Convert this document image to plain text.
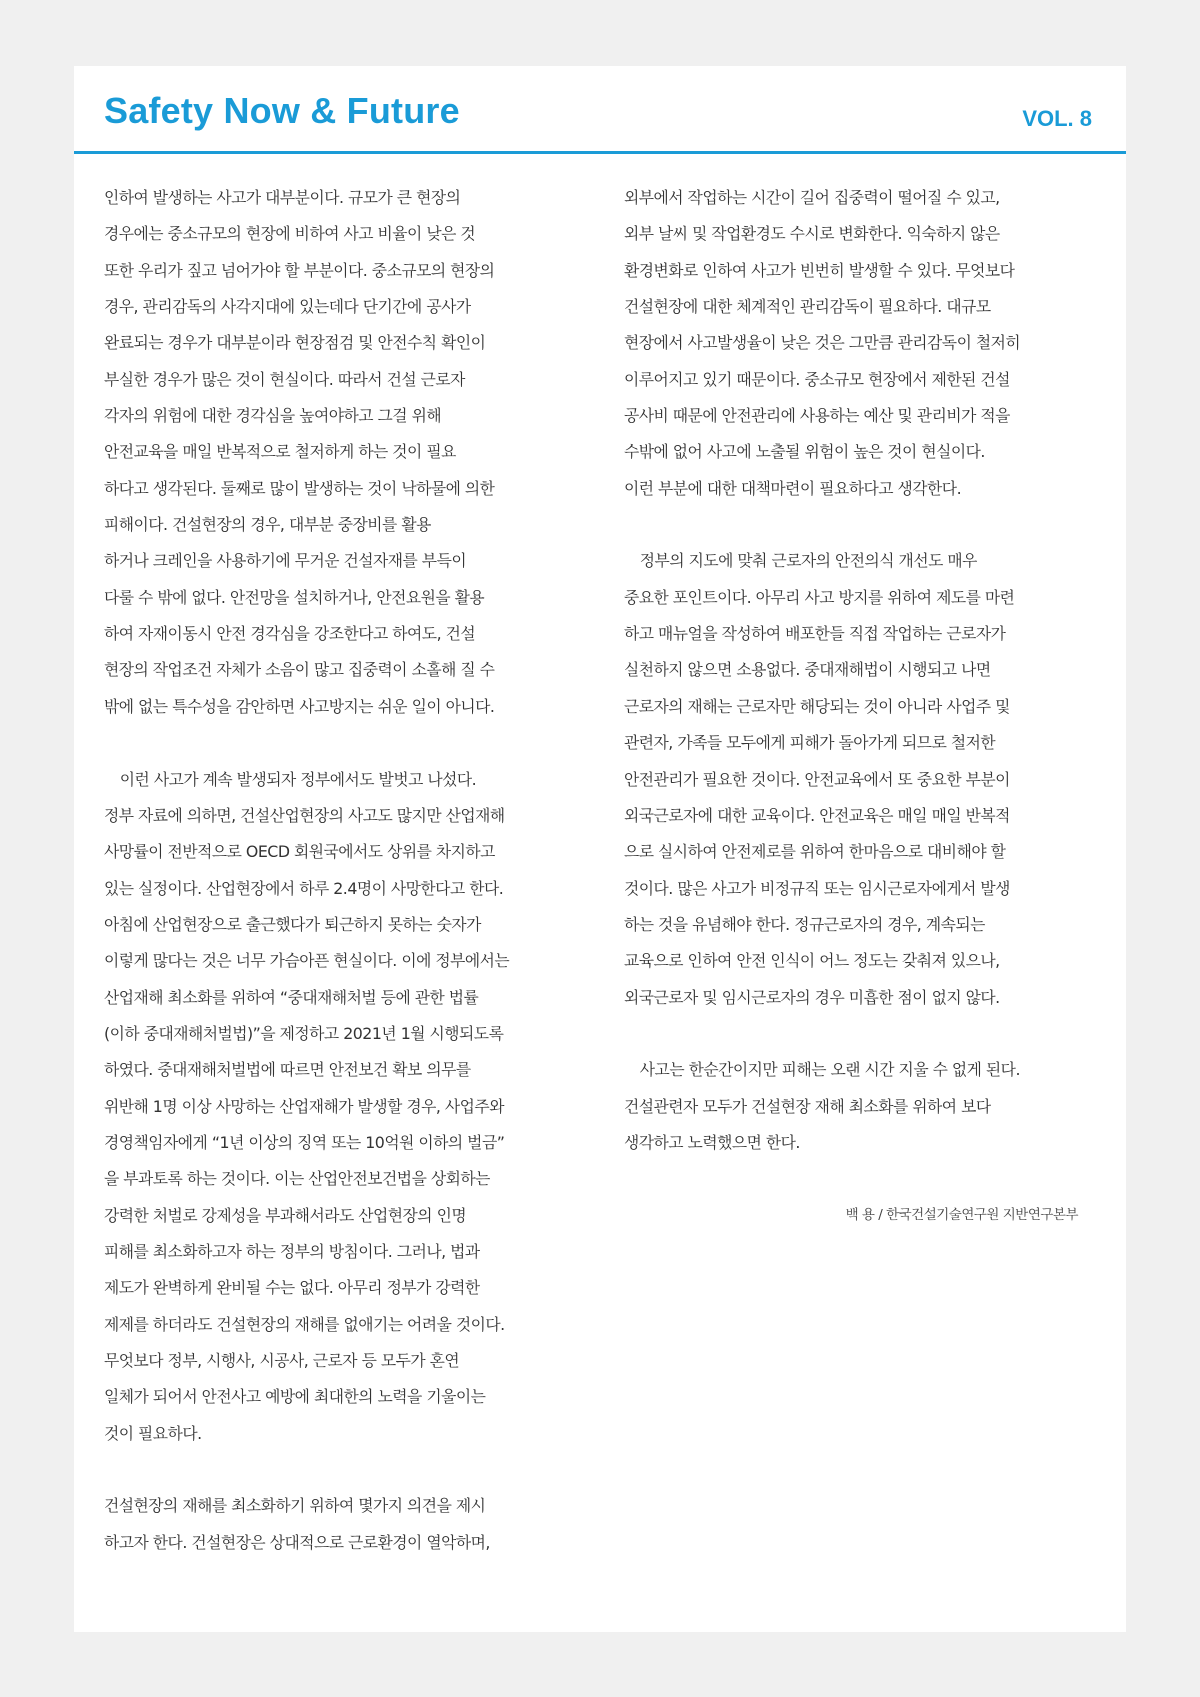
Safety Now & Future	VOL. 8

인하여 발생하는 사고가 대부분이다. 규모가 큰 현장의
경우에는 중소규모의 현장에 비하여 사고 비율이 낮은 것
또한 우리가 짚고 넘어가야 할 부분이다. 중소규모의 현장의
경우, 관리감독의 사각지대에 있는데다 단기간에 공사가
완료되는 경우가 대부분이라 현장점검 및 안전수칙 확인이
부실한 경우가 많은 것이 현실이다. 따라서 건설 근로자
각자의 위험에 대한 경각심을 높여야하고 그걸 위해
안전교육을 매일 반복적으로 철저하게 하는 것이 필요
하다고 생각된다. 둘째로 많이 발생하는 것이 낙하물에 의한
피해이다. 건설현장의 경우, 대부분 중장비를 활용
하거나 크레인을 사용하기에 무거운 건설자재를 부득이
다룰 수 밖에 없다. 안전망을 설치하거나, 안전요원을 활용
하여 자재이동시 안전 경각심을 강조한다고 하여도, 건설
현장의 작업조건 자체가 소음이 많고 집중력이 소홀해 질 수
밖에 없는 특수성을 감안하면 사고방지는 쉬운 일이 아니다.

이런 사고가 계속 발생되자 정부에서도 발벗고 나섰다.
정부 자료에 의하면, 건설산업현장의 사고도 많지만 산업재해
사망률이 전반적으로 OECD 회원국에서도 상위를 차지하고
있는 실정이다. 산업현장에서 하루 2.4명이 사망한다고 한다.
아침에 산업현장으로 출근했다가 퇴근하지 못하는 숫자가
이렇게 많다는 것은 너무 가슴아픈 현실이다. 이에 정부에서는
산업재해 최소화를 위하여 “중대재해처벌 등에 관한 법률
(이하 중대재해처벌법)”을 제정하고 2021년 1월 시행되도록
하였다. 중대재해처벌법에 따르면 안전보건 확보 의무를
위반해 1명 이상 사망하는 산업재해가 발생할 경우, 사업주와
경영책임자에게 “1년 이상의 징역 또는 10억원 이하의 벌금”
을 부과토록 하는 것이다. 이는 산업안전보건법을 상회하는
강력한 처벌로 강제성을 부과해서라도 산업현장의 인명
피해를 최소화하고자 하는 정부의 방침이다. 그러나, 법과
제도가 완벽하게 완비될 수는 없다. 아무리 정부가 강력한
제제를 하더라도 건설현장의 재해를 없애기는 어려울 것이다.
무엇보다 정부, 시행사, 시공사, 근로자 등 모두가 혼연
일체가 되어서 안전사고 예방에 최대한의 노력을 기울이는
것이 필요하다.

건설현장의 재해를 최소화하기 위하여 몇가지 의견을 제시
하고자 한다. 건설현장은 상대적으로 근로환경이 열악하며,

외부에서 작업하는 시간이 길어 집중력이 떨어질 수 있고,
외부 날씨 및 작업환경도 수시로 변화한다. 익숙하지 않은
환경변화로 인하여 사고가 빈번히 발생할 수 있다. 무엇보다
건설현장에 대한 체계적인 관리감독이 필요하다. 대규모
현장에서 사고발생율이 낮은 것은 그만큼 관리감독이 철저히
이루어지고 있기 때문이다. 중소규모 현장에서 제한된 건설
공사비 때문에 안전관리에 사용하는 예산 및 관리비가 적을
수밖에 없어 사고에 노출될 위험이 높은 것이 현실이다.
이런 부분에 대한 대책마련이 필요하다고 생각한다.

정부의 지도에 맞춰 근로자의 안전의식 개선도 매우
중요한 포인트이다. 아무리 사고 방지를 위하여 제도를 마련
하고 매뉴얼을 작성하여 배포한들 직접 작업하는 근로자가
실천하지 않으면 소용없다. 중대재해법이 시행되고 나면
근로자의 재해는 근로자만 해당되는 것이 아니라 사업주 및
관련자, 가족들 모두에게 피해가 돌아가게 되므로 철저한
안전관리가 필요한 것이다. 안전교육에서 또 중요한 부분이
외국근로자에 대한 교육이다. 안전교육은 매일 매일 반복적
으로 실시하여 안전제로를 위하여 한마음으로 대비해야 할
것이다. 많은 사고가 비정규직 또는 임시근로자에게서 발생
하는 것을 유념해야 한다. 정규근로자의 경우, 계속되는
교육으로 인하여 안전 인식이 어느 정도는 갖춰져 있으나,
외국근로자 및 임시근로자의 경우 미흡한 점이 없지 않다.

사고는 한순간이지만 피해는 오랜 시간 지울 수 없게 된다.
건설관련자 모두가 건설현장 재해 최소화를 위하여 보다
생각하고 노력했으면 한다.

백 용 / 한국건설기술연구원 지반연구본부
